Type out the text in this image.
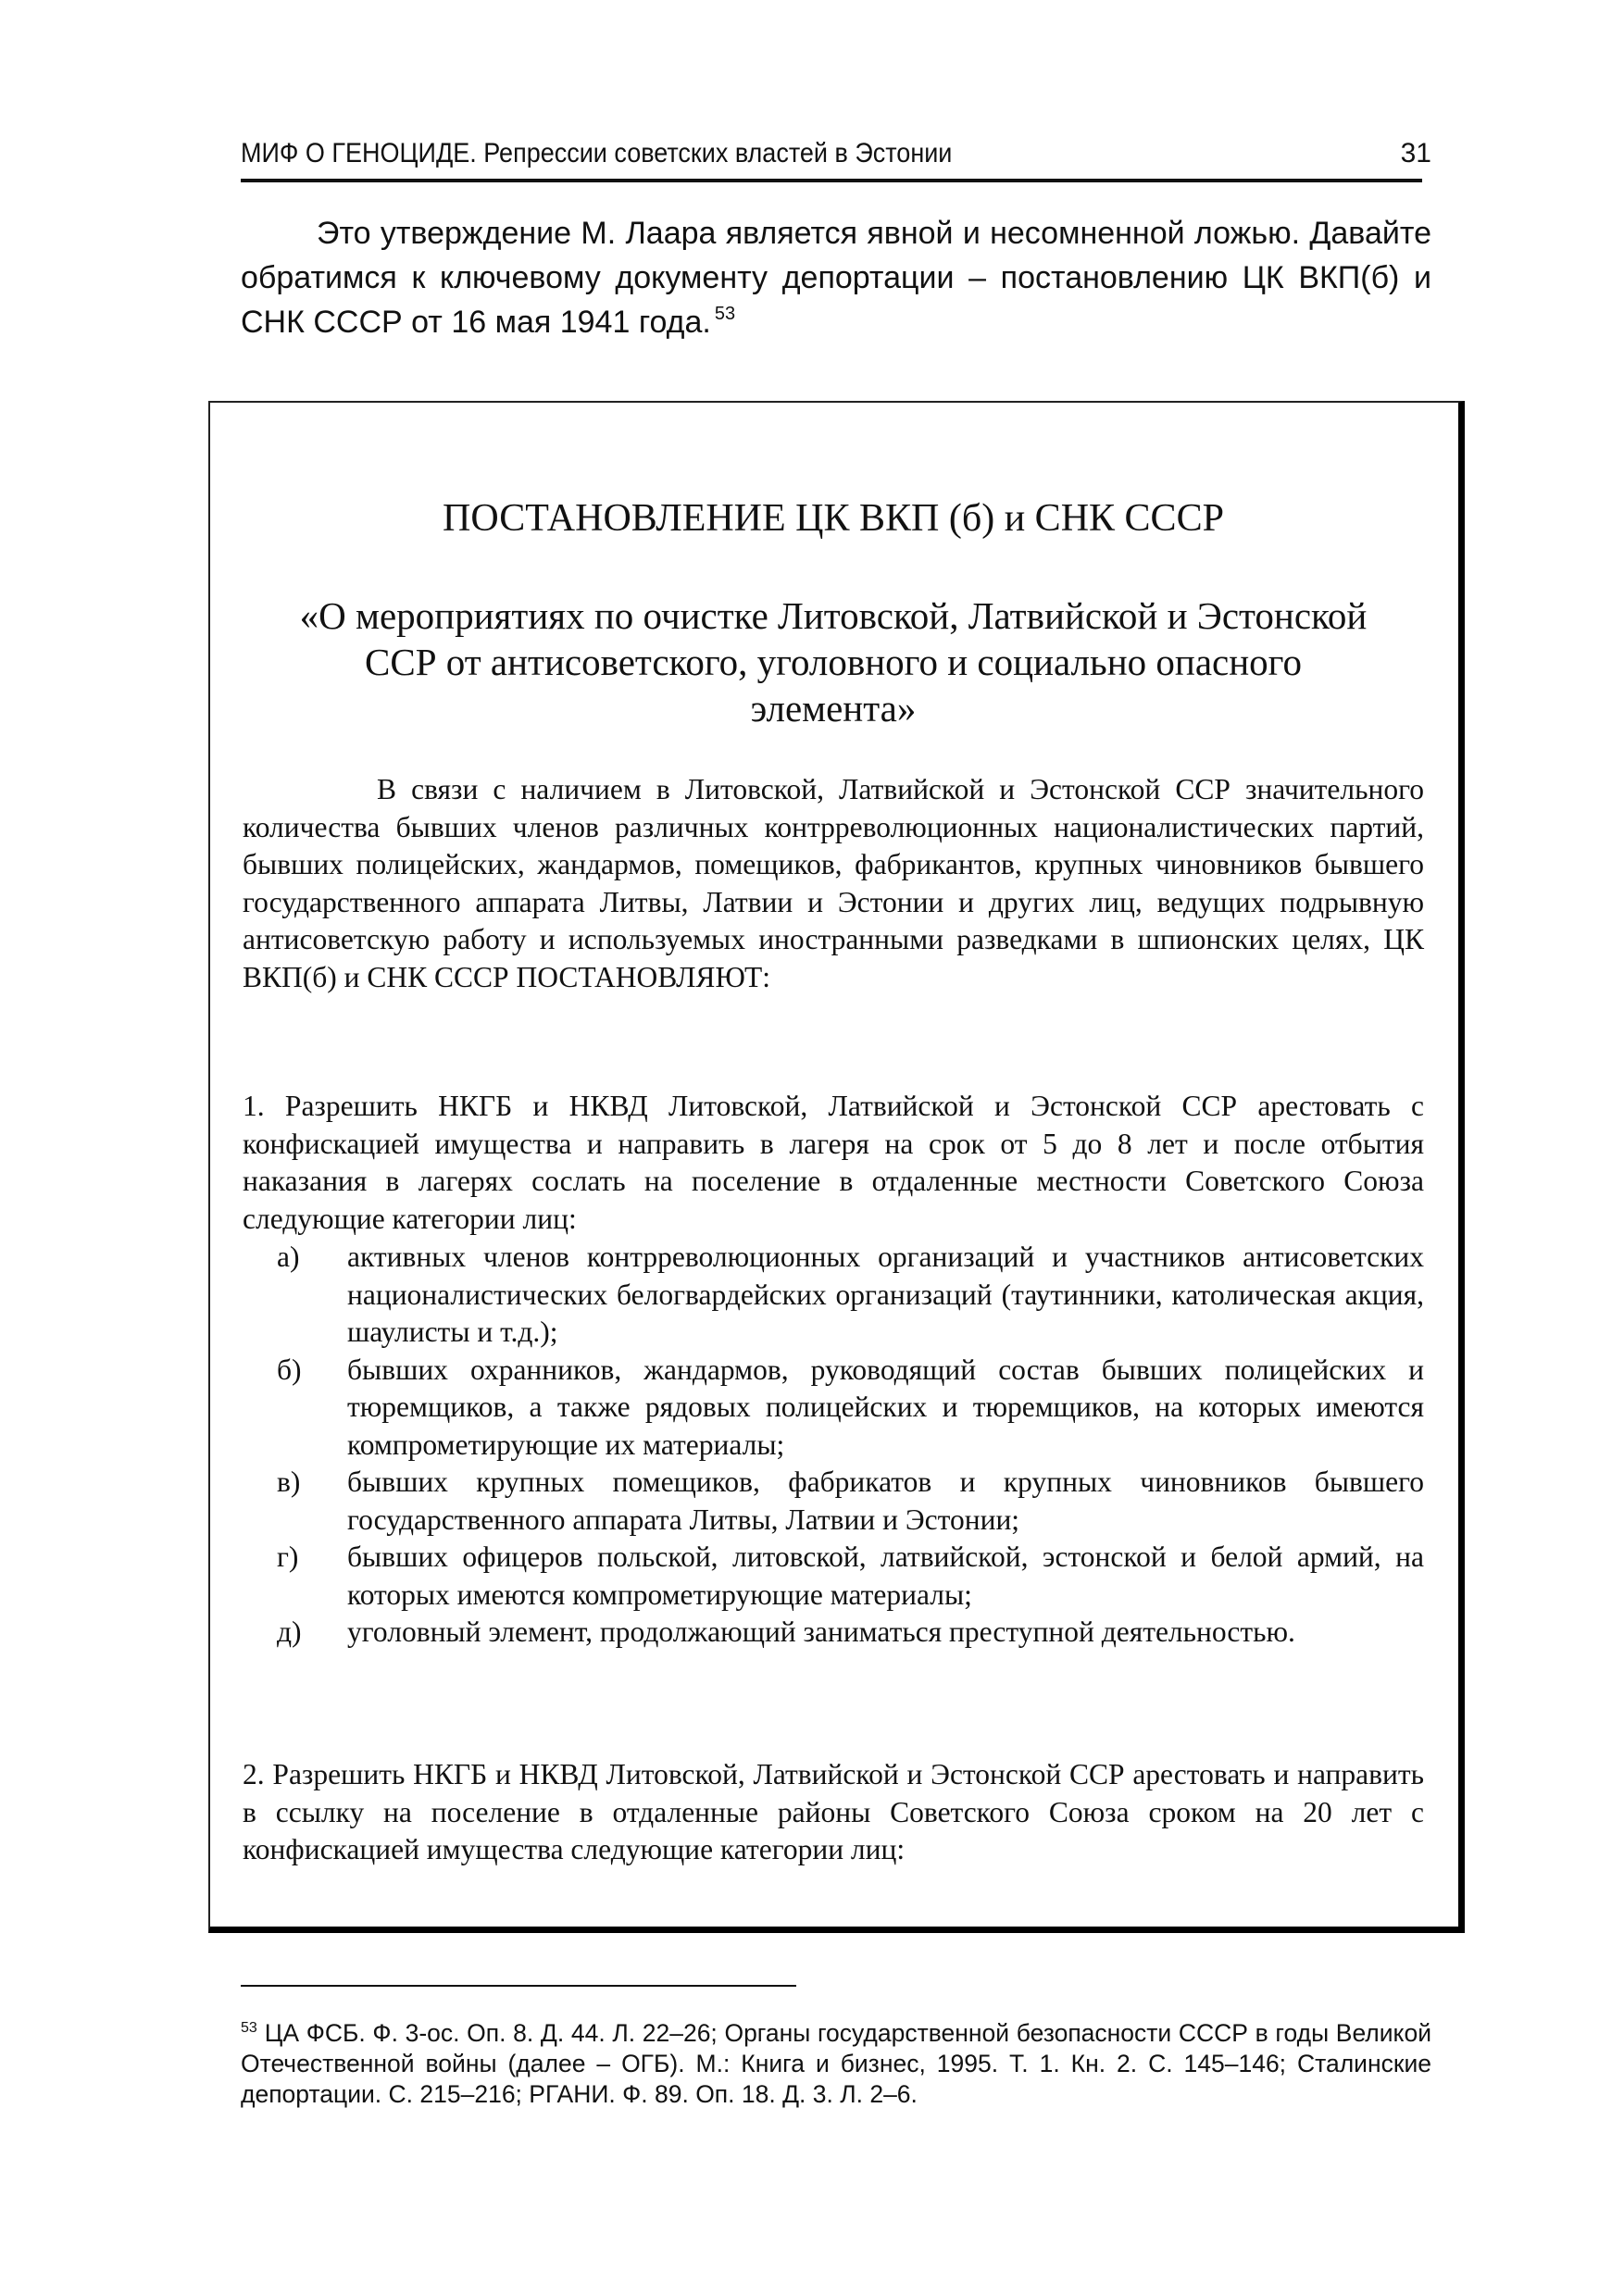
МИФ О ГЕНОЦИДЕ. Репрессии советских властей в Эстонии	31

Это утверждение М. Лаара является явной и несомненной ложью. Давайте обратимся к ключевому документу депортации – постановлению ЦК ВКП(б) и СНК СССР от 16 мая 1941 года. $^{53}$

ПОСТАНОВЛЕНИЕ ЦК ВКП (б) и СНК СССР
«О мероприятиях по очистке Литовской, Латвийской и Эстонской ССР от антисоветского, уголовного и социально опасного элемента»

В связи с наличием в Литовской, Латвийской и Эстонской ССР значительного количества бывших членов различных контрреволюционных националистических партий, бывших полицейских, жандармов, помещиков, фабрикантов, крупных чиновников бывшего государственного аппарата Литвы, Латвии и Эстонии и других лиц, ведущих подрывную антисоветскую работу и используемых иностранными разведками в шпионских целях, ЦК ВКП(б) и СНК СССР ПОСТАНОВЛЯЮТ:

1. Разрешить НКГБ и НКВД Литовской, Латвийской и Эстонской ССР арестовать с конфискацией имущества и направить в лагеря на срок от 5 до 8 лет и после отбытия наказания в лагерях сослать на поселение в отдаленные местности Советского Союза следующие категории лиц:

а) активных членов контрреволюционных организаций и участников антисоветских националистических белогвардейских организаций (таутинники, католическая акция, шаулисты и т.д.);
б) бывших охранников, жандармов, руководящий состав бывших полицейских и тюремщиков, а также рядовых полицейских и тюремщиков, на которых имеются компрометирующие их материалы;
в) бывших крупных помещиков, фабрикатов и крупных чиновников бывшего государственного аппарата Литвы, Латвии и Эстонии;
г) бывших офицеров польской, литовской, латвийской, эстонской и белой армий, на которых имеются компрометирующие материалы;
д) уголовный элемент, продолжающий заниматься преступной деятельностью.

2. Разрешить НКГБ и НКВД Литовской, Латвийской и Эстонской ССР арестовать и направить в ссылку на поселение в отдаленные районы Советского Союза сроком на 20 лет с конфискацией имущества следующие категории лиц:

$^{53}$ ЦА ФСБ. Ф. 3-ос. Оп. 8. Д. 44. Л. 22–26; Органы государственной безопасности СССР в годы Великой Отечественной войны (далее – ОГБ). М.: Книга и бизнес, 1995. Т. 1. Кн. 2. С. 145–146; Сталинские депортации. С. 215–216; РГАНИ. Ф. 89. Оп. 18. Д. 3. Л. 2–6.
